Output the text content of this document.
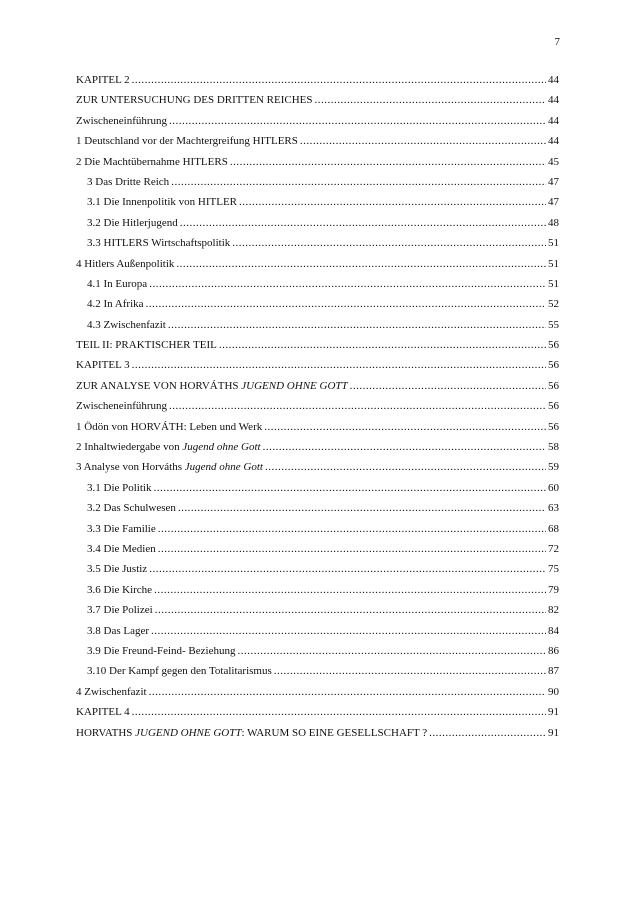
7
KAPITEL 2 .....	44
ZUR UNTERSUCHUNG DES DRITTEN REICHES .....	44
Zwischeneinführung .....	44
1 Deutschland vor der Machtergreifung HITLERS .....	44
2 Die Machtübernahme HITLERS .....	45
3 Das Dritte Reich .....	47
3.1 Die Innenpolitik von HITLER .....	47
3.2 Die Hitlerjugend .....	48
3.3 HITLERS Wirtschaftspolitik .....	51
4 Hitlers Außenpolitik .....	51
4.1 In Europa .....	51
4.2 In Afrika .....	52
4.3 Zwischenfazit .....	55
TEIL II: PRAKTISCHER TEIL .....	56
KAPITEL 3 .....	56
ZUR ANALYSE VON HORVÁTHS JUGEND OHNE GOTT .....	56
Zwischeneinführung .....	56
1 Ödön von HORVÁTH: Leben und Werk .....	56
2 Inhaltwiedergabe von Jugend ohne Gott .....	58
3 Analyse von Horváths Jugend ohne Gott .....	59
3.1 Die Politik .....	60
3.2 Das Schulwesen .....	63
3.3 Die Familie .....	68
3.4 Die Medien .....	72
3.5 Die Justiz .....	75
3.6 Die Kirche .....	79
3.7 Die Polizei .....	82
3.8 Das Lager .....	84
3.9 Die Freund-Feind- Beziehung .....	86
3.10 Der Kampf gegen den Totalitarismus .....	87
4 Zwischenfazit .....	90
KAPITEL 4 .....	91
HORVATHS JUGEND OHNE GOTT: WARUM SO EINE GESELLSCHAFT ? .....	91
